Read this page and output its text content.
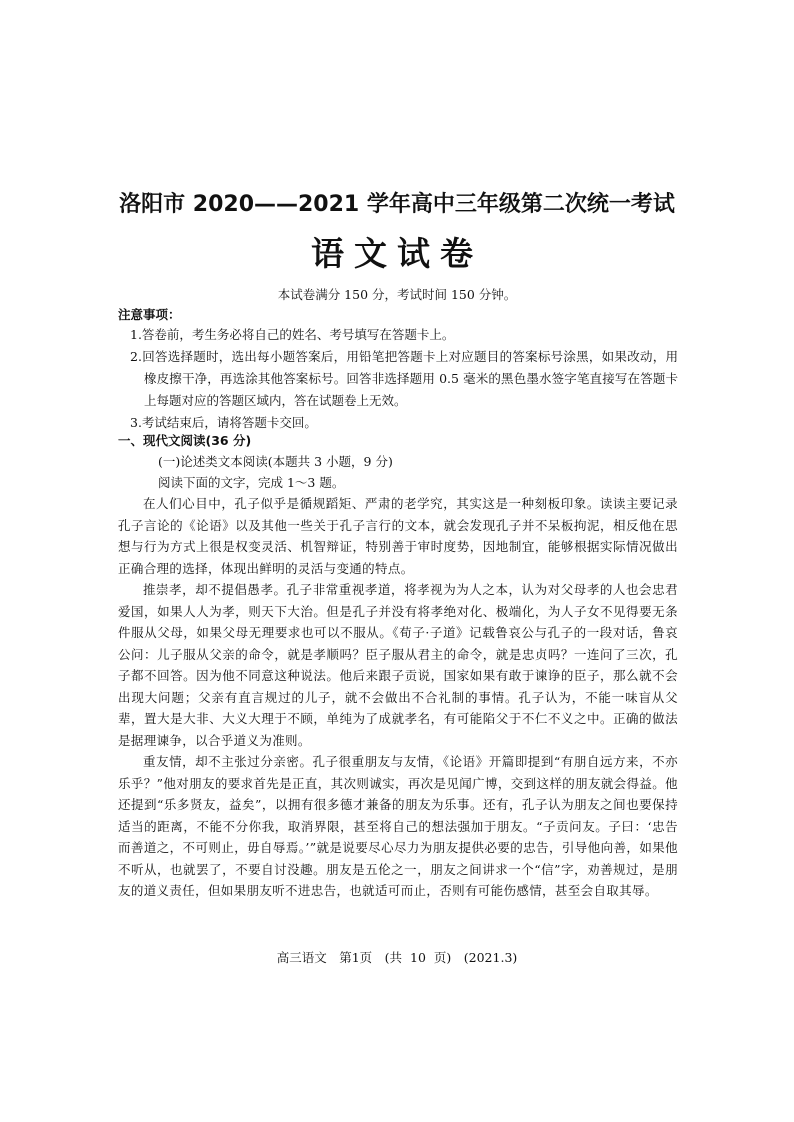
洛阳市 2020——2021 学年高中三年级第二次统一考试
语文试卷
本试卷满分 150 分，考试时间 150 分钟。
注意事项：
1.答卷前，考生务必将自己的姓名、考号填写在答题卡上。
2.回答选择题时，选出每小题答案后，用铅笔把答题卡上对应题目的答案标号涂黑，如果改动，用橡皮擦干净，再选涂其他答案标号。回答非选择题用 0.5 毫米的黑色墨水签字笔直接写在答题卡上每题对应的答题区域内，答在试题卷上无效。
3.考试结束后，请将答题卡交回。
一、现代文阅读(36 分)
(一)论述类文本阅读(本题共 3 小题，9 分)
阅读下面的文字，完成 1～3 题。

在人们心目中，孔子似乎是循规蹈矩、严肃的老学究，其实这是一种刻板印象。读读主要记录孔子言论的《论语》以及其他一些关于孔子言行的文本，就会发现孔子并不呆板拘泥，相反他在思想与行为方式上很是权变灵活、机智辩证，特别善于审时度势，因地制宜，能够根据实际情况做出正确合理的选择，体现出鲜明的灵活与变通的特点。

推崇孝，却不提倡愚孝。孔子非常重视孝道，将孝视为为人之本，认为对父母孝的人也会忠君爱国，如果人人为孝，则天下大治。但是孔子并没有将孝绝对化、极端化，为人子女不见得要无条件服从父母，如果父母无理要求也可以不服从。《荀子·子道》记载鲁哀公与孔子的一段对话，鲁哀公问：儿子服从父亲的命令，就是孝顺吗？臣子服从君主的命令，就是忠贞吗？一连问了三次，孔子都不回答。因为他不同意这种说法。他后来跟子贡说，国家如果有敢于谏诤的臣子，那么就不会出现大问题；父亲有直言规过的儿子，就不会做出不合礼制的事情。孔子认为，不能一味盲从父辈，置大是大非、大义大理于不顾，单纯为了成就孝名，有可能陷父于不仁不义之中。正确的做法是据理谏争，以合乎道义为准则。

重友情，却不主张过分亲密。孔子很重朋友与友情，《论语》开篇即提到“有朋自远方来，不亦乐乎？”他对朋友的要求首先是正直，其次则诚实，再次是见闻广博，交到这样的朋友就会得益。他还提到“乐多贤友，益矣”，以拥有很多德才兼备的朋友为乐事。还有，孔子认为朋友之间也要保持适当的距离，不能不分你我，取消界限，甚至将自己的想法强加于朋友。“子贡问友。子曰：‘忠告而善道之，不可则止，毋自辱焉。’”就是说要尽心尽力为朋友提供必要的忠告，引导他向善，如果他不听从，也就罢了，不要自讨没趣。朋友是五伦之一，朋友之间讲求一个“信”字，劝善规过，是朋友的道义责任，但如果朋友听不进忠告，也就适可而止，否则有可能伤感情，甚至会自取其辱。

高三语文　第1页　(共 10 页)　(2021.3)
